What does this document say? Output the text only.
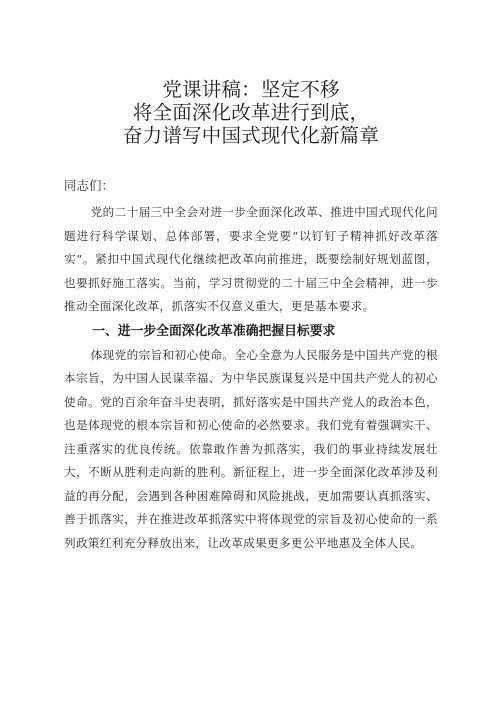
党课讲稿：坚定不移
将全面深化改革进行到底，
奋力谱写中国式现代化新篇章

同志们：

党的二十届三中全会对进一步全面深化改革、推进中国式现代化问题进行科学谋划、总体部署，要求全党要“以钉钉子精神抓好改革落实“。紧扣中国式现代化继续把改革向前推进，既要绘制好规划蓝图，也要抓好施工落实。当前，学习贯彻党的二十届三中全会精神，进一步推动全面深化改革，抓落实不仅意义重大，更是基本要求。

一、进一步全面深化改革准确把握目标要求

体现党的宗旨和初心使命。全心全意为人民服务是中国共产党的根本宗旨，为中国人民谋幸福、为中华民族谋复兴是中国共产党人的初心使命。党的百余年奋斗史表明，抓好落实是中国共产党人的政治本色，也是体现党的根本宗旨和初心使命的必然要求。我们党有着强调实干、注重落实的优良传统。依靠敢作善为抓落实，我们的事业持续发展壮大，不断从胜利走向新的胜利。新征程上，进一步全面深化改革涉及利益的再分配，会遇到各种困难障碍和风险挑战，更加需要认真抓落实、善于抓落实，并在推进改革抓落实中将体现党的宗旨及初心使命的一系列政策红利充分释放出来，让改革成果更多更公平地惠及全体人民。
